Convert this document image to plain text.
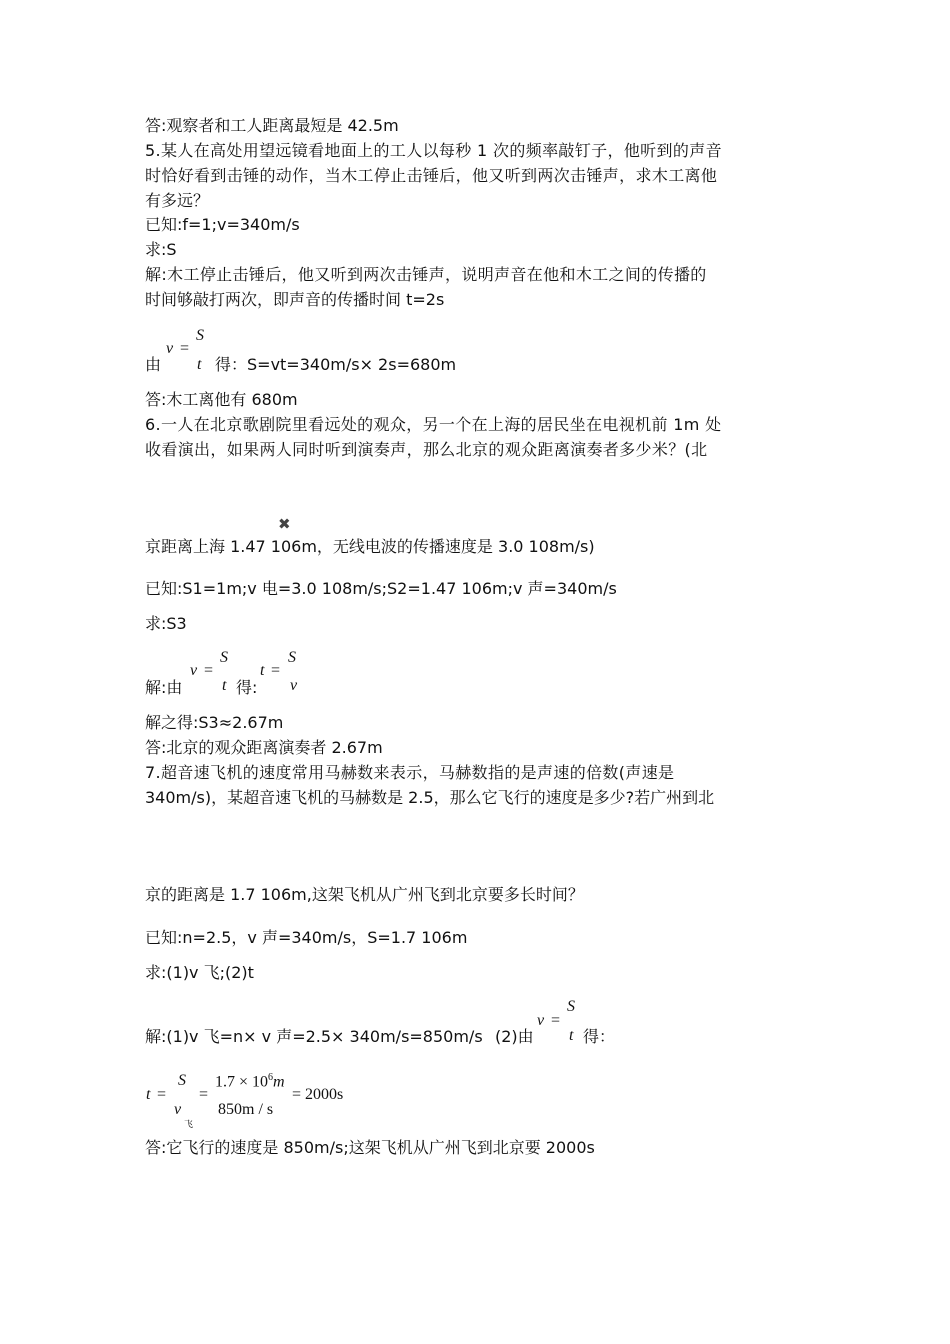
答:观察者和工人距离最短是 42.5m
5.某人在高处用望远镜看地面上的工人以每秒 1 次的频率敲钉子，他听到的声音
时恰好看到击锤的动作，当木工停止击锤后，他又听到两次击锤声，求木工离他
有多远？
已知:f=1;v=340m/s
求:S
解:木工停止击锤后，他又听到两次击锤声，说明声音在他和木工之间的传播的
时间够敲打两次，即声音的传播时间 t=2s
v =
S
t
由	得：S=vt=340m/s× 2s=680m
答:木工离他有 680m
6.一人在北京歌剧院里看远处的观众，另一个在上海的居民坐在电视机前 1m 处
收看演出，如果两人同时听到演奏声，那么北京的观众距离演奏者多少米？(北
✖
京距离上海 1.47 106m，无线电波的传播速度是 3.0 108m/s)
已知:S1=1m;v 电=3.0 108m/s;S2=1.47 106m;v 声=340m/s
求:S3
v =
S
t
t =
S
v
解:由	得:
解之得:S3≈2.67m
答:北京的观众距离演奏者 2.67m
7.超音速飞机的速度常用马赫数来表示，马赫数指的是声速的倍数(声速是
340m/s)，某超音速飞机的马赫数是 2.5，那么它飞行的速度是多少?若广州到北
京的距离是 1.7 106m,这架飞机从广州飞到北京要多长时间？
已知:n=2.5，v 声=340m/s，S=1.7 106m
求:(1)v 飞;(2)t
解:(1)v 飞=n× v 声=2.5× 340m/s=850m/s (2)由
v =
S
t 得：
t =
S
v
飞
=
$1.7 \times 10^6m$
850m / s
= 2000s
答:它飞行的速度是 850m/s;这架飞机从广州飞到北京要 2000s
